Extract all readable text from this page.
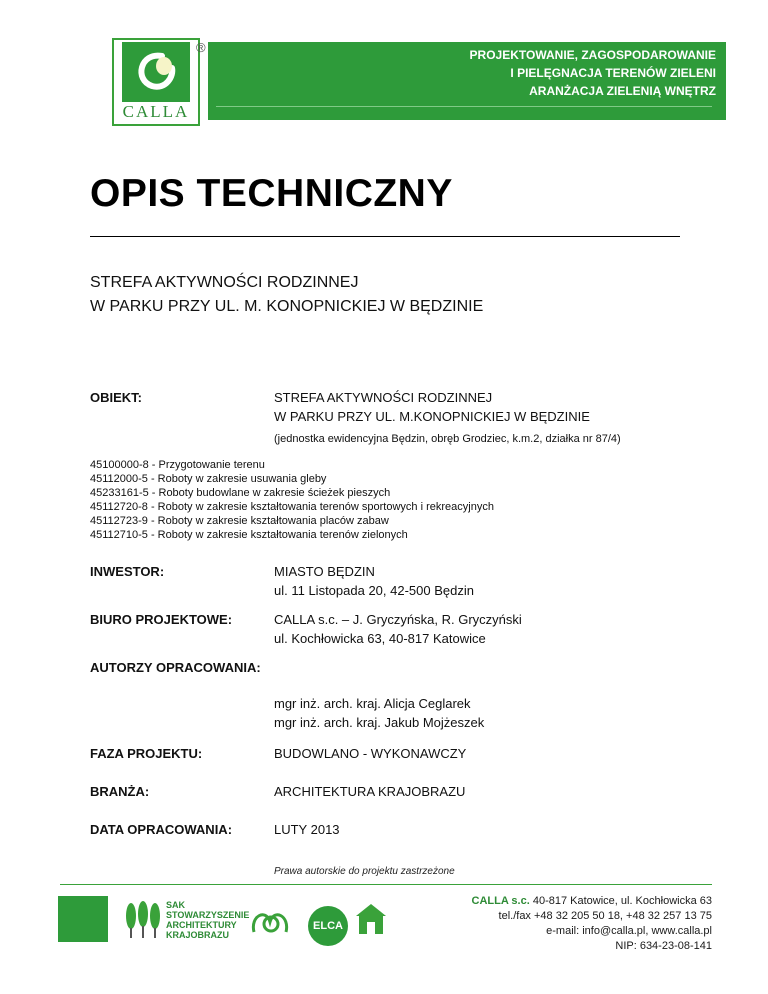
CALLA
®	PROJEKTOWANIE, ZAGOSPODAROWANIE
I PIELĘGNACJA TERENÓW ZIELENI
ARANŻACJA ZIELENIĄ WNĘTRZ
OPIS TECHNICZNY
STREFA AKTYWNOŚCI RODZINNEJ
W PARKU PRZY UL. M. KONOPNICKIEJ W BĘDZINIE
OBIEKT:	STREFA AKTYWNOŚCI RODZINNEJ
W PARKU PRZY UL. M.KONOPNICKIEJ W BĘDZINIE
(jednostka ewidencyjna Będzin, obręb Grodziec, k.m.2, działka nr 87/4)
45100000-8 - Przygotowanie terenu
45112000-5 - Roboty w zakresie usuwania gleby
45233161-5 - Roboty budowlane w zakresie ścieżek pieszych
45112720-8 - Roboty w zakresie kształtowania terenów sportowych i rekreacyjnych
45112723-9 - Roboty w zakresie kształtowania placów zabaw
45112710-5 - Roboty w zakresie kształtowania terenów zielonych
INWESTOR:	MIASTO BĘDZIN
ul. 11 Listopada 20, 42-500 Będzin
BIURO PROJEKTOWE:	CALLA s.c. – J. Gryczyńska, R. Gryczyński
ul. Kochłowicka 63, 40-817 Katowice
AUTORZY OPRACOWANIA:
mgr inż. arch. kraj. Alicja Ceglarek
mgr inż. arch. kraj. Jakub Mojżeszek
FAZA PROJEKTU:	BUDOWLANO - WYKONAWCZY
BRANŻA:	ARCHITEKTURA KRAJOBRAZU
DATA OPRACOWANIA:	LUTY 2013
Prawa autorskie do projektu zastrzeżone
SAK
STOWARZYSZENIE
ARCHITEKTURY
KRAJOBRAZU
ELCA
CALLA s.c. 40-817 Katowice, ul. Kochłowicka 63
tel./fax +48 32 205 50 18, +48 32 257 13 75
e-mail: info@calla.pl, www.calla.pl
NIP: 634-23-08-141
